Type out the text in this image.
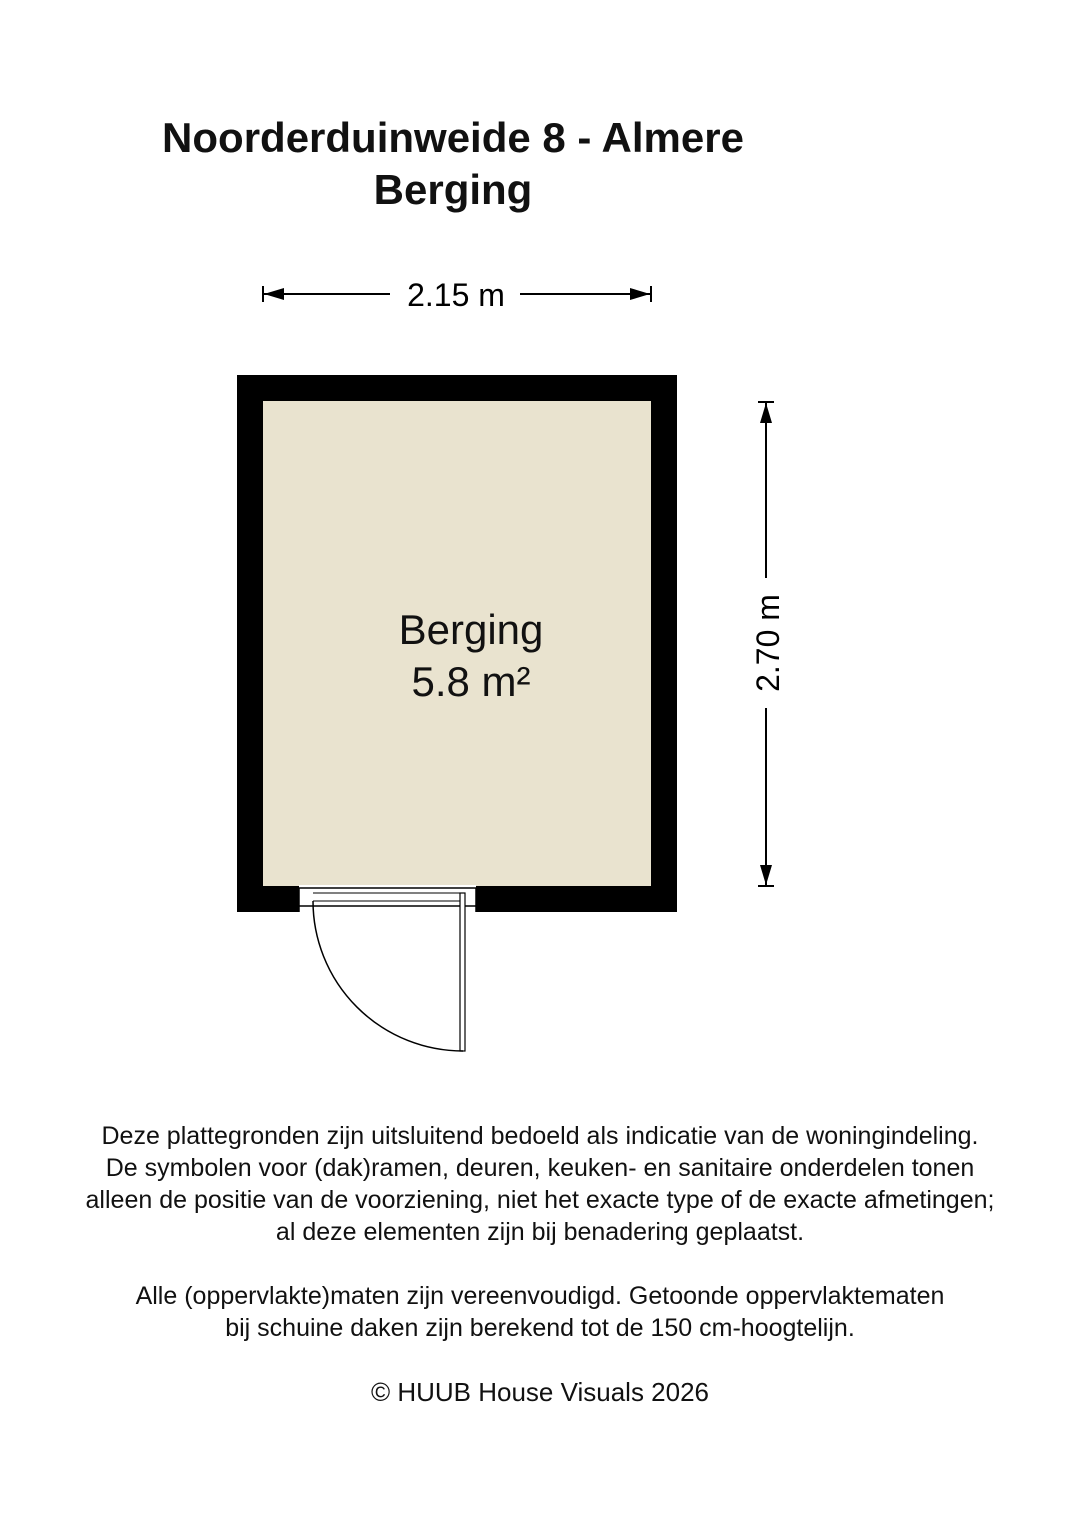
Noorderduinweide 8 - Almere
Berging
2.15 m
2.70 m
Berging
5.8 m²

Deze plattegronden zijn uitsluitend bedoeld als indicatie van de woningindeling.
De symbolen voor (dak)ramen, deuren, keuken- en sanitaire onderdelen tonen
alleen de positie van de voorziening, niet het exacte type of de exacte afmetingen;
al deze elementen zijn bij benadering geplaatst.

Alle (oppervlakte)maten zijn vereenvoudigd. Getoonde oppervlaktematen
bij schuine daken zijn berekend tot de 150 cm-hoogtelijn.

© HUUB House Visuals 2026
